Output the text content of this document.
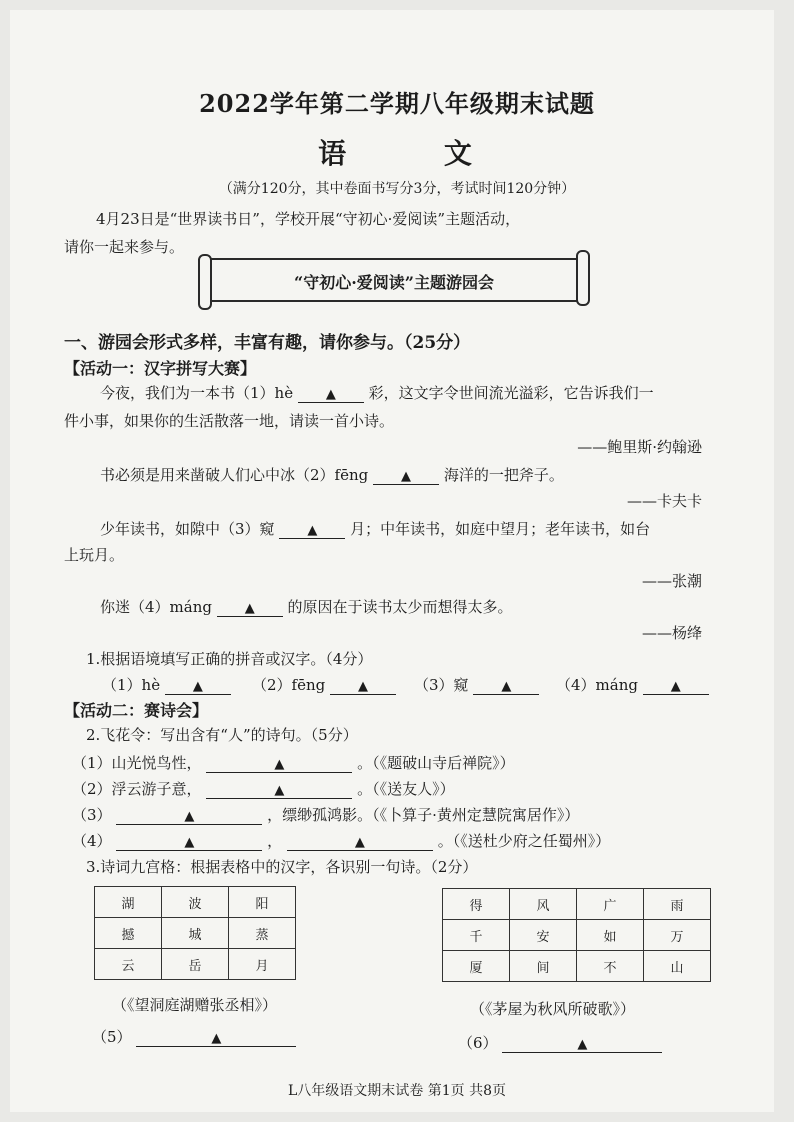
2022学年第二学期八年级期末试题
语 文
（满分120分，其中卷面书写分3分，考试时间120分钟）
4月23日是“世界读书日”，学校开展“守初心·爱阅读”主题活动，
请你一起来参与。
“守初心·爱阅读”主题游园会
一、游园会形式多样，丰富有趣，请你参与。（25分）
【活动一：汉字拼写大赛】
今夜，我们为一本书（1）hè	▲ 彩，这文字令世间流光溢彩，它告诉我们一
件小事，如果你的生活散落一地，请读一首小诗。
——鲍里斯·约翰逊
书必须是用来凿破人们心中冰（2）fēng	▲ 海洋的一把斧子。
——卡夫卡
少年读书，如隙中（3）窥	▲ 月；中年读书，如庭中望月；老年读书，如台
上玩月。
——张潮
你迷（4）máng	▲ 的原因在于读书太少而想得太多。
——杨绛
1.根据语境填写正确的拼音或汉字。（4分）
（1）hè	▲	（2）fēng	▲	（3）窥	▲	（4）máng	▲
【活动二：赛诗会】
2.飞花令：写出含有“人”的诗句。（5分）
（1）山光悦鸟性，	▲	。（《题破山寺后禅院》）
（2）浮云游子意，	▲	。（《送友人》）
（3）	▲	，缥缈孤鸿影。（《卜算子·黄州定慧院寓居作》）
（4）	▲	，	▲	。（《送杜少府之任蜀州》）
3.诗词九宫格：根据表格中的汉字，各识别一句诗。（2分）
湖	波	阳
撼	城	蒸
云	岳	月
得	风	广	雨
千	安	如	万
厦	间	不	山
（《望洞庭湖赠张丞相》）	（《茅屋为秋风所破歌》）
（5）	▲	（6）	▲
L八年级语文期末试卷 第1页 共8页
